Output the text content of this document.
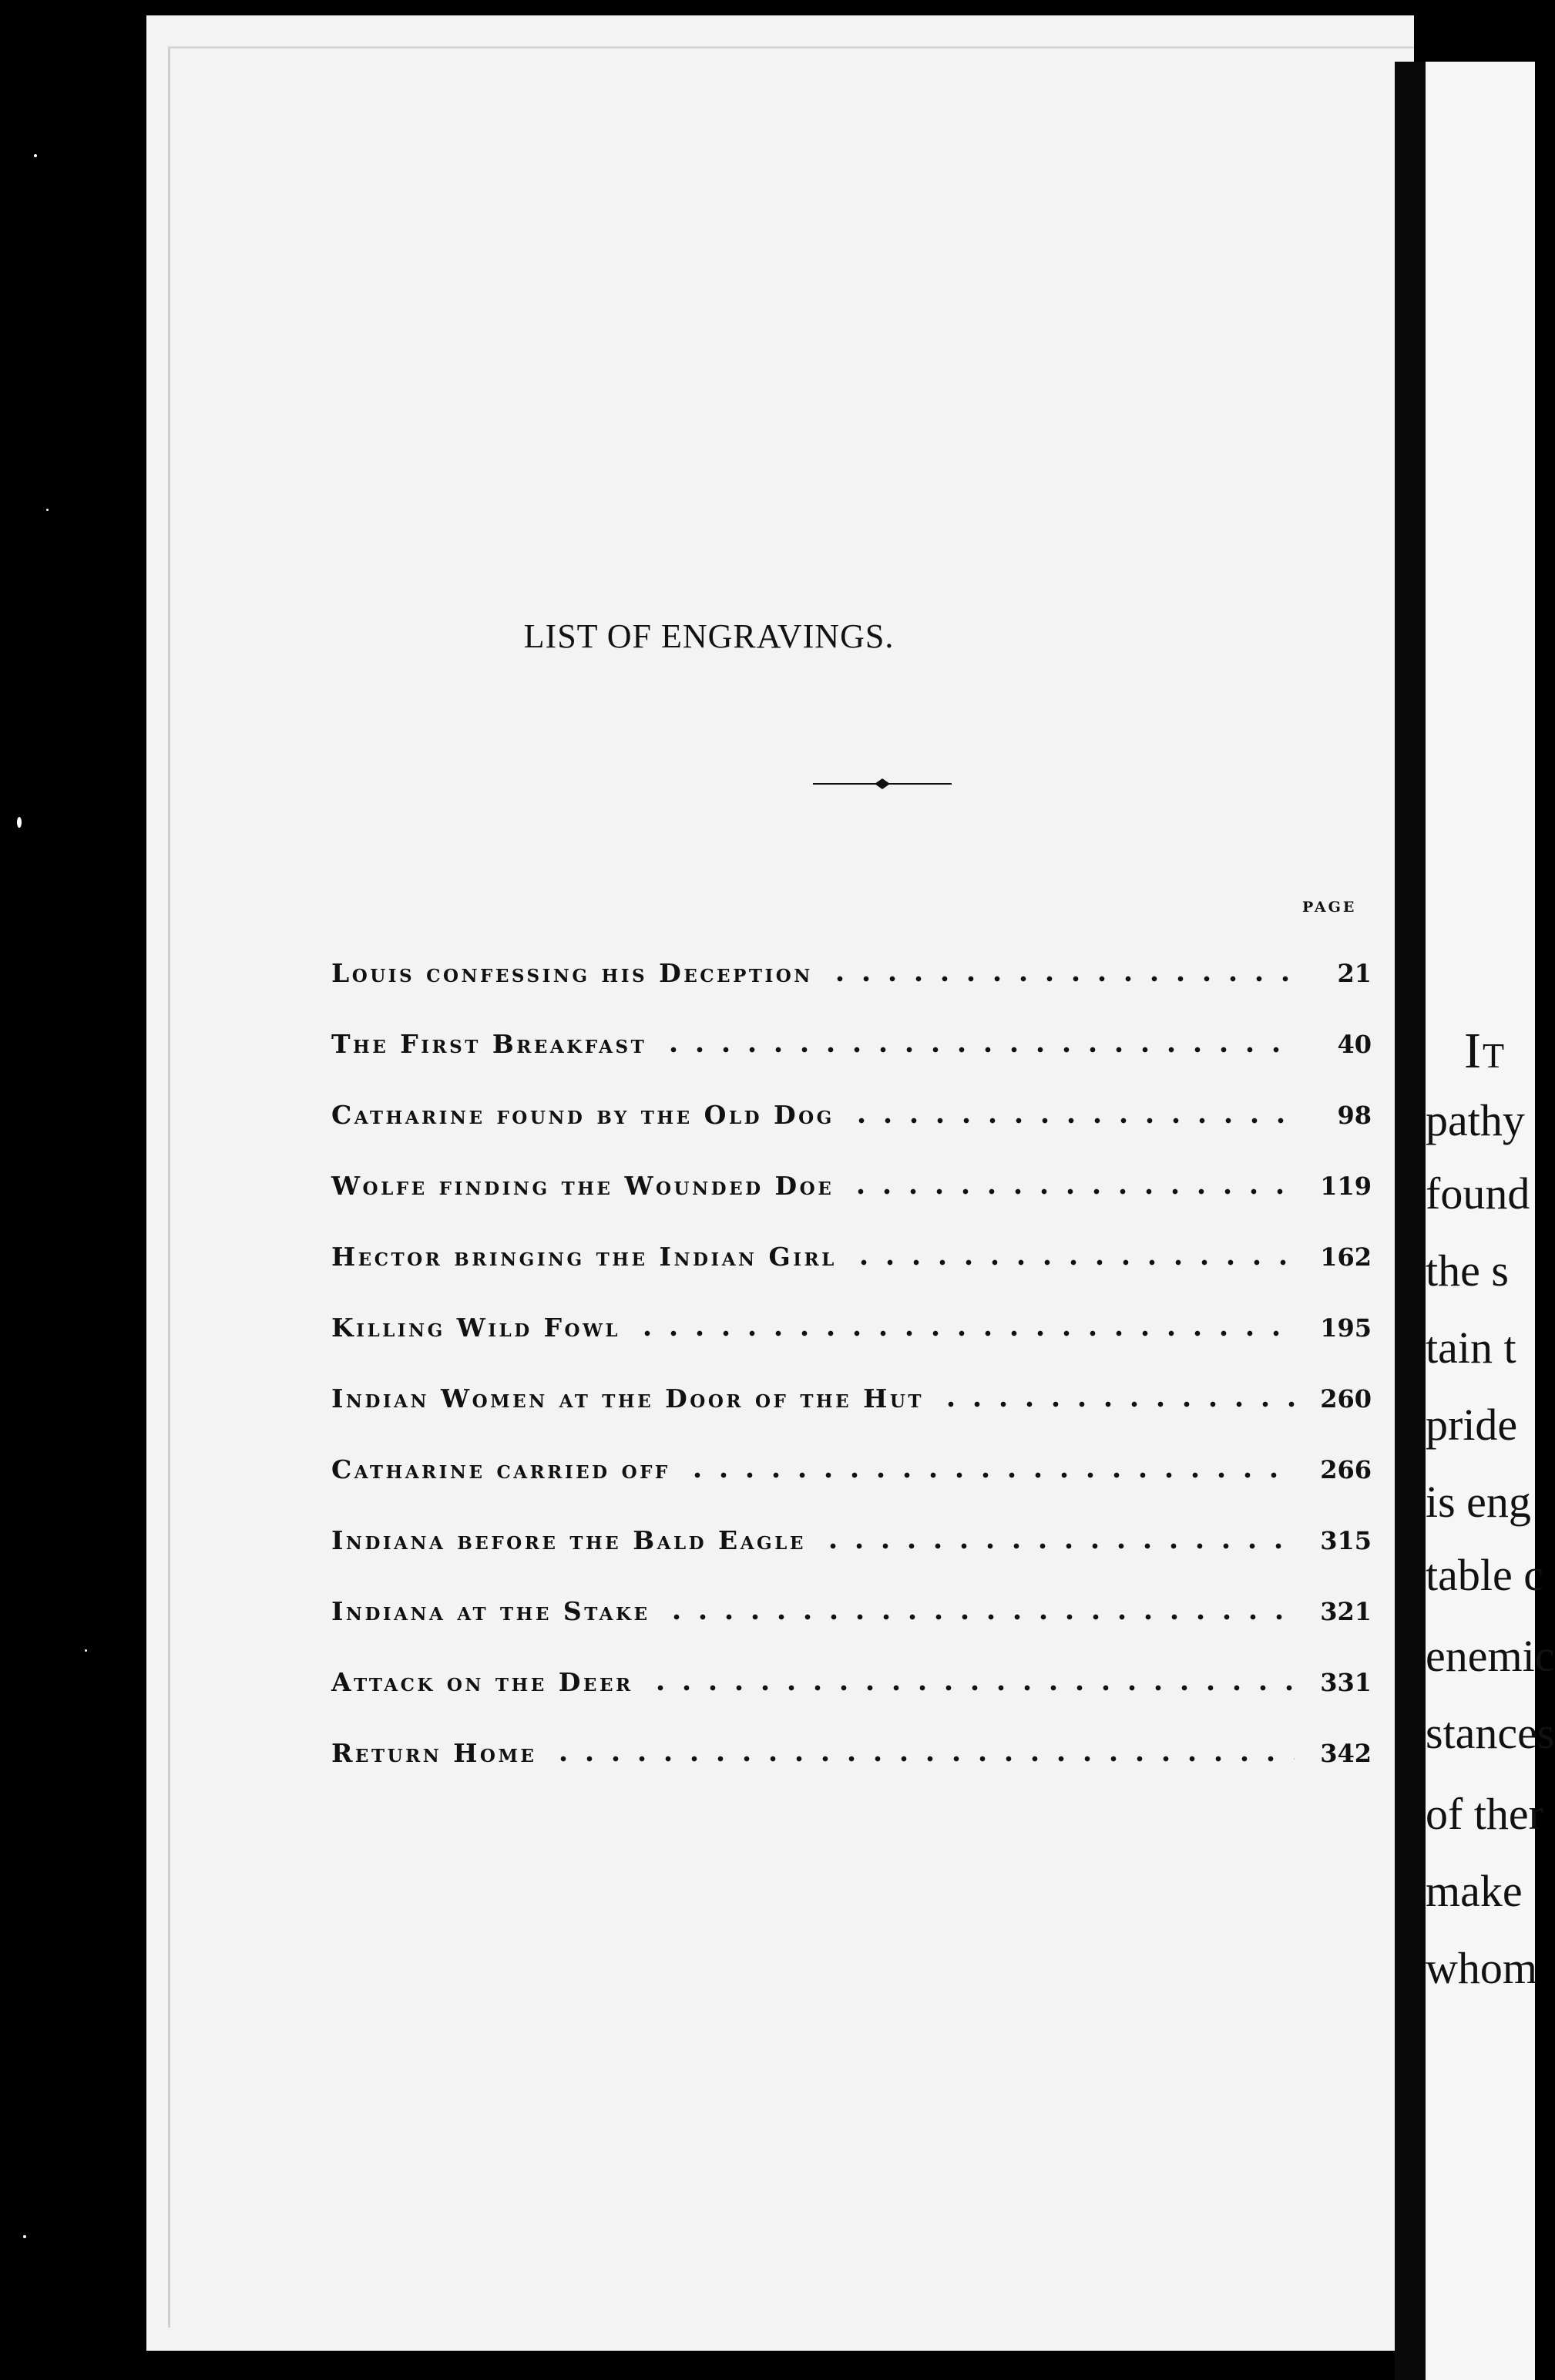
It
pathy
found
the s
tain t
pride
is eng
table c
enemic
stances
of ther
make
whom
LIST OF ENGRAVINGS.
PAGE
Louis confessing his Deception	21
The First Breakfast	40
Catharine found by the Old Dog	98
Wolfe finding the Wounded Doe	119
Hector bringing the Indian Girl	162
Killing Wild Fowl	195
Indian Women at the Door of the Hut	260
Catharine carried off	266
Indiana before the Bald Eagle	315
Indiana at the Stake	321
Attack on the Deer	331
Return Home	342
